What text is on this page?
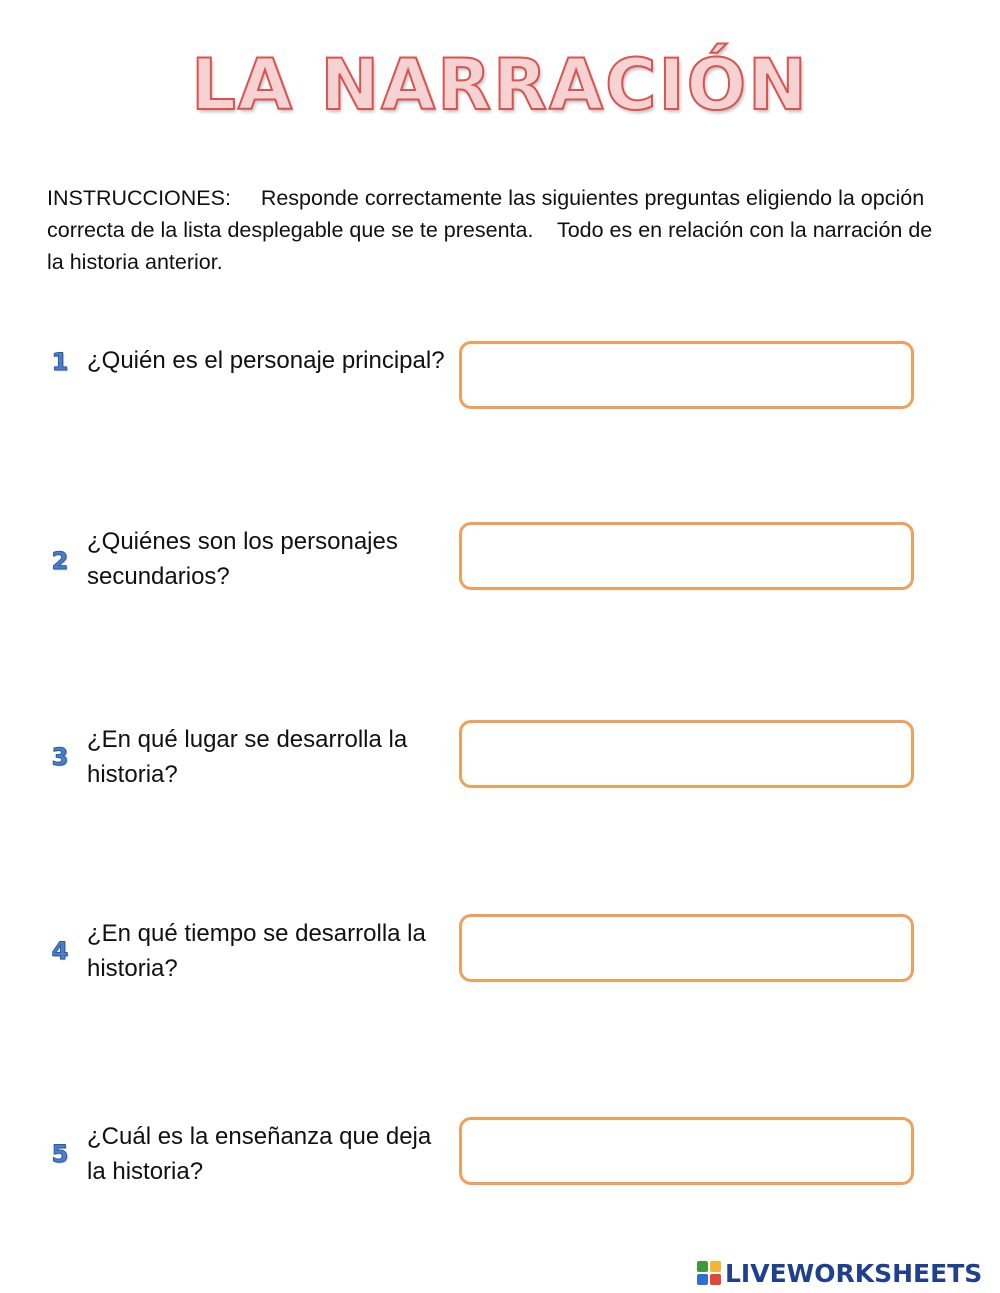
LA NARRACIÓN

INSTRUCCIONES:     Responde correctamente las siguientes preguntas eligiendo la opción correcta de la lista desplegable que se te presenta.    Todo es en relación con la narración de la historia anterior.

1 ¿Quién es el personaje principal?

2

¿Quiénes son los personajes secundarios?

3

¿En qué lugar se desarrolla la historia?

4

¿En qué tiempo se desarrolla la historia?

5

¿Cuál es la enseñanza que deja la historia?

LIVEWORKSHEETS
